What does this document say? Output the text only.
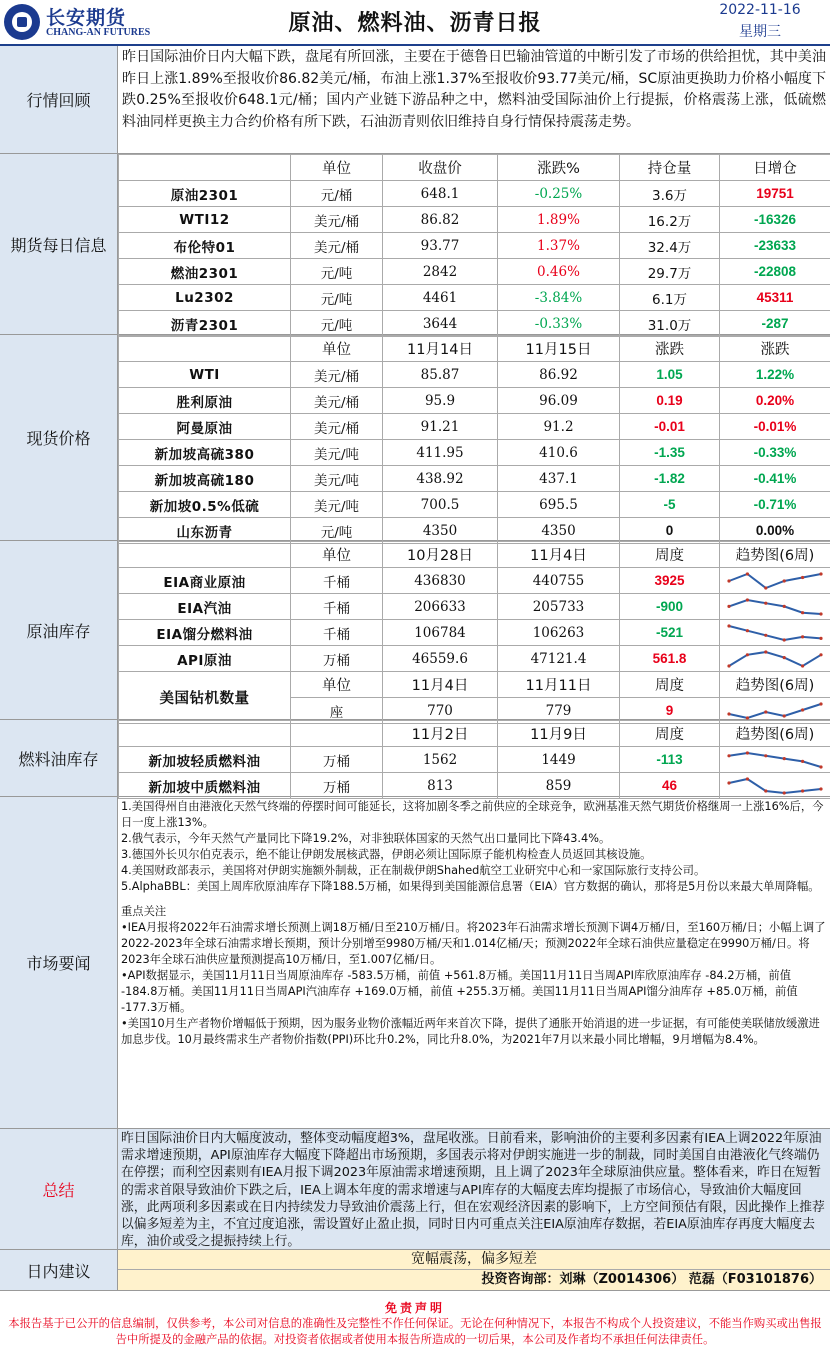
长安期货
CHANG-AN FUTURES	原油、燃料油、沥青日报
2022-11-16
星期三
行情回顾
昨日国际油价日内大幅下跌，盘尾有所回涨，主要在于德鲁日巴输油管道的中断引发了市场的供给担忧，其中美油昨日上涨1.89%至报收价86.82美元/桶，布油上涨1.37%至报收价93.77美元/桶，SC原油更换助力价格小幅度下跌0.25%至报收价648.1元/桶；国内产业链下游品种之中，燃料油受国际油价上行提振，价格震荡上涨，低硫燃料油同样更换主力合约价格有所下跌，石油沥青则依旧维持自身行情保持震荡走势。
期货每日信息
	单位	收盘价	涨跌%	持仓量	日增仓
原油2301	元/桶	648.1	-0.25%	3.6万	19751
WTI12	美元/桶	86.82	1.89%	16.2万	-16326
布伦特01	美元/桶	93.77	1.37%	32.4万	-23633
燃油2301	元/吨	2842	0.46%	29.7万	-22808
Lu2302	元/吨	4461	-3.84%	6.1万	45311
沥青2301	元/吨	3644	-0.33%	31.0万	-287
现货价格
	单位	11月14日	11月15日	涨跌	涨跌
WTI	美元/桶	85.87	86.92	1.05	1.22%
胜利原油	美元/桶	95.9	96.09	0.19	0.20%
阿曼原油	美元/桶	91.21	91.2	-0.01	-0.01%
新加坡高硫380	美元/吨	411.95	410.6	-1.35	-0.33%
新加坡高硫180	美元/吨	438.92	437.1	-1.82	-0.41%
新加坡0.5%低硫	美元/吨	700.5	695.5	-5	-0.71%
山东沥青	元/吨	4350	4350	0	0.00%
原油库存
	单位	10月28日	11月4日	周度	趋势图(6周)
EIA商业原油	千桶	436830	440755	3925	

EIA汽油	千桶	206633	205733	-900	

EIA馏分燃料油	千桶	106784	106263	-521	

API原油	万桶	46559.6	47121.4	561.8	

美国钻机数量	单位	11月4日	11月11日	周度	趋势图(6周)
	座	770	779	9	
燃料油库存
		11月2日	11月9日	周度	趋势图(6周)
新加坡轻质燃料油	万桶	1562	1449	-113	

新加坡中质燃料油	万桶	813	859	46	
市场要闻

1.美国得州自由港液化天然气终端的停摆时间可能延长，这将加剧冬季之前供应的全球竞争，欧洲基准天然气期货价格继周一上涨16%后，今日一度上涨13%。

2.俄气表示，今年天然气产量同比下降19.2%，对非独联体国家的天然气出口量同比下降43.4%。

3.德国外长贝尔伯克表示，绝不能让伊朗发展核武器，伊朗必须让国际原子能机构检查人员返回其核设施。

4.美国财政部表示，美国将对伊朗实施额外制裁，正在制裁伊朗Shahed航空工业研究中心和一家国际旅行支持公司。

5.AlphaBBL：美国上周库欣原油库存下降188.5万桶，如果得到美国能源信息署（EIA）官方数据的确认，那将是5月份以来最大单周降幅。

重点关注

•IEA月报将2022年石油需求增长预测上调18万桶/日至210万桶/日。将2023年石油需求增长预测下调4万桶/日，至160万桶/日；小幅上调了2022-2023年全球石油需求增长预期，预计分别增至9980万桶/天和1.014亿桶/天；预测2022年全球石油供应量稳定在9990万桶/日。将2023年全球石油供应量预测提高10万桶/日，至1.007亿桶/日。

•API数据显示，美国11月11日当周原油库存 -583.5万桶，前值 +561.8万桶。美国11月11日当周API库欣原油库存 -84.2万桶，前值 -184.8万桶。美国11月11日当周API汽油库存 +169.0万桶，前值 +255.3万桶。美国11月11日当周API馏分油库存 +85.0万桶，前值 -177.3万桶。

•美国10月生产者物价增幅低于预期，因为服务业物价涨幅近两年来首次下降，提供了通胀开始消退的进一步证据，有可能使美联储放缓激进加息步伐。10月最终需求生产者物价指数(PPI)环比升0.2%，同比升8.0%，为2021年7月以来最小同比增幅，9月增幅为8.4%。

总结
昨日国际油价日内大幅度波动，整体变动幅度超3%，盘尾收涨。日前看来，影响油价的主要利多因素有IEA上调2022年原油需求增速预期，API原油库存大幅度下降超出市场预期，多国表示将对伊朗实施进一步的制裁，同时美国自由港液化气终端仍在停摆；而利空因素则有IEA月报下调2023年原油需求增速预期，且上调了2023年全球原油供应量。整体看来，昨日在短暂的需求首限导致油价下跌之后，IEA上调本年度的需求增速与API库存的大幅度去库均提振了市场信心，导致油价大幅度回涨，此两项利多因素或在日内持续发力导致油价震荡上行，但在宏观经济因素的影响下，上方空间预估有限，因此操作上推荐以偏多短差为主，不宜过度追涨，需设置好止盈止损，同时日内可重点关注EIA原油库存数据，若EIA原油库存再度大幅度去库，油价或受之提振持续上行。
日内建议
宽幅震荡，偏多短差
投资咨询部：刘琳（Z0014306） 范磊（F03101876）
免责声明
本报告基于已公开的信息编制，仅供参考，本公司对信息的准确性及完整性不作任何保证。无论在何种情况下，本报告不构成个人投资建议，不能当作购买或出售报告中所提及的金融产品的依据。对投资者依据或者使用本报告所造成的一切后果，本公司及作者均不承担任何法律责任。
